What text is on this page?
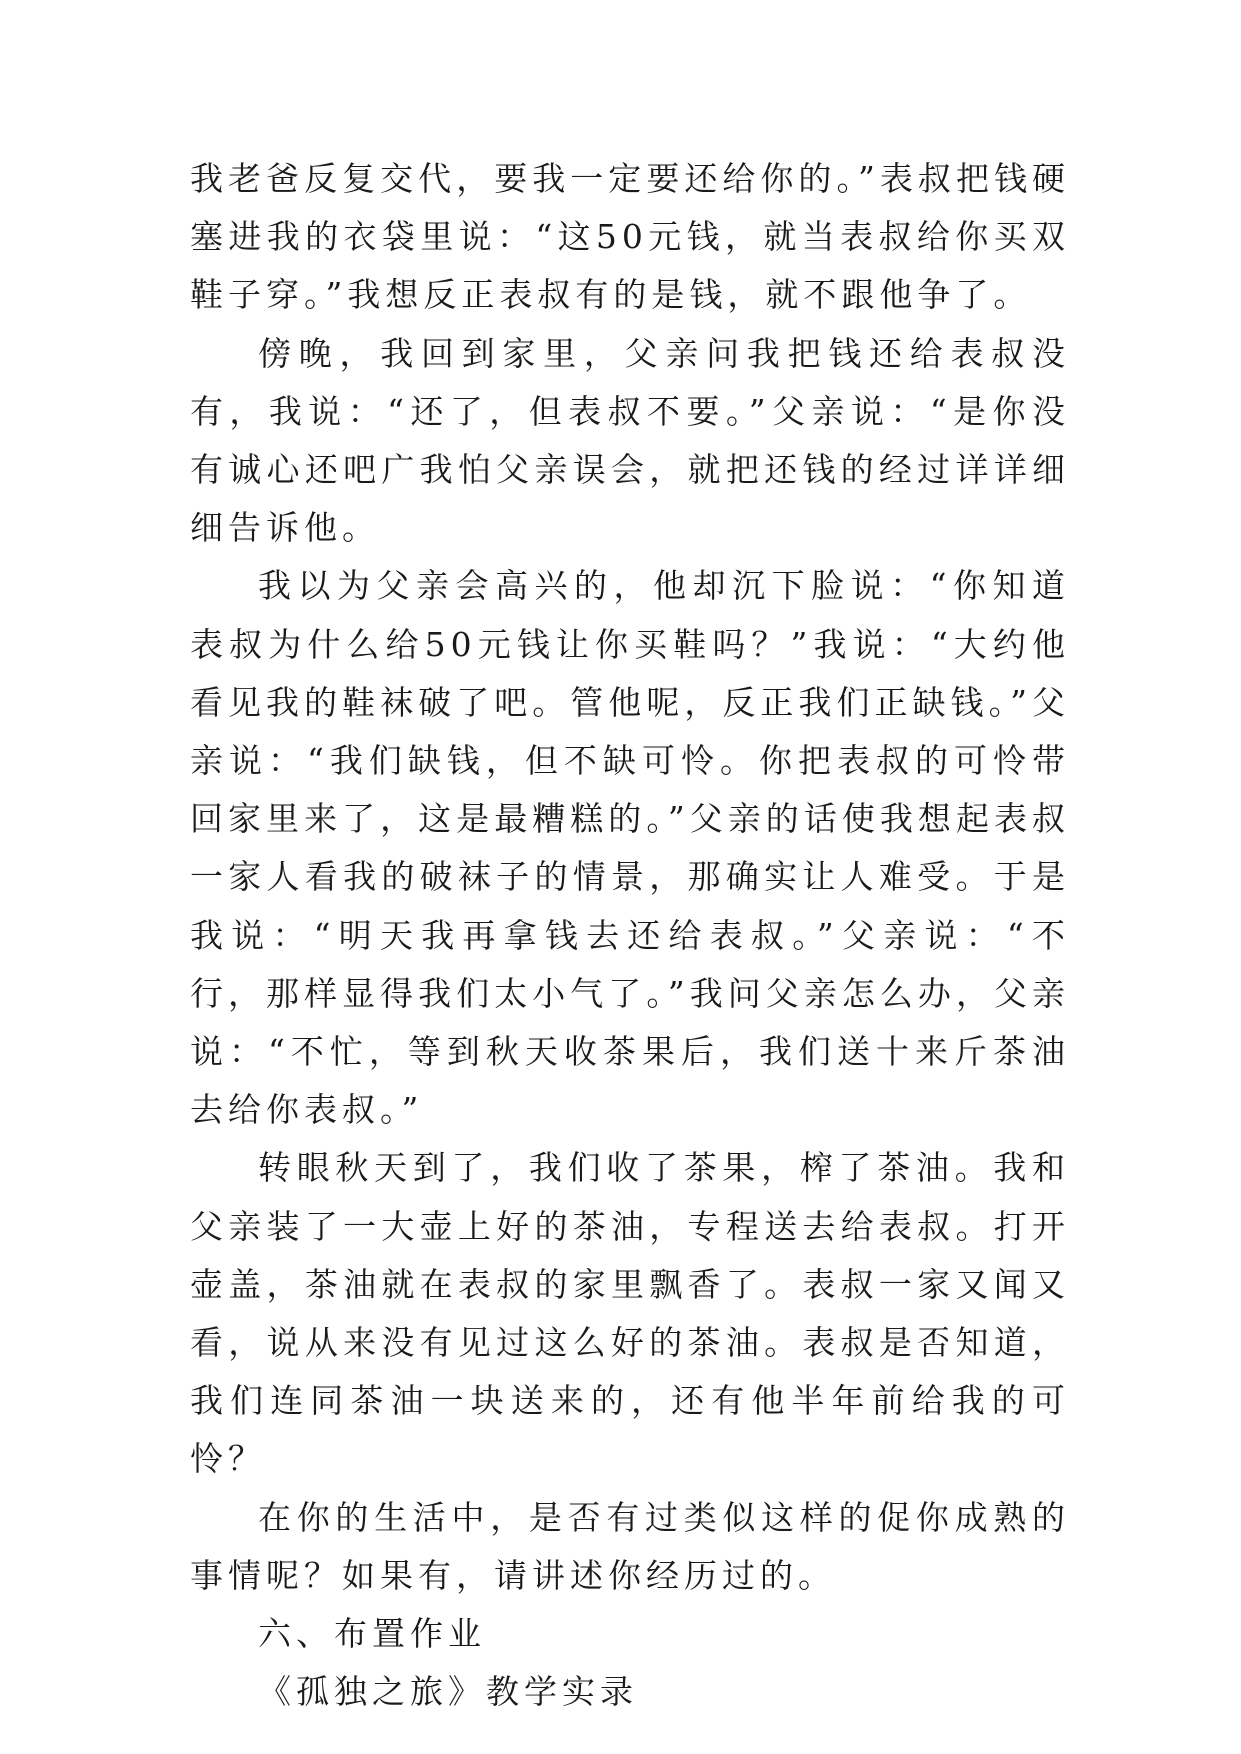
我老爸反复交代，要我一定要还给你的。”表叔把钱硬塞进我的衣袋里说：“这50元钱，就当表叔给你买双鞋子穿。”我想反正表叔有的是钱，就不跟他争了。

傍晚，我回到家里，父亲问我把钱还给表叔没有，我说：“还了，但表叔不要。”父亲说：“是你没有诚心还吧广我怕父亲误会，就把还钱的经过详详细细告诉他。

我以为父亲会高兴的，他却沉下脸说：“你知道表叔为什么给50元钱让你买鞋吗？”我说：“大约他看见我的鞋袜破了吧。管他呢，反正我们正缺钱。”父亲说：“我们缺钱，但不缺可怜。你把表叔的可怜带回家里来了，这是最糟糕的。”父亲的话使我想起表叔一家人看我的破袜子的情景，那确实让人难受。于是我说：“明天我再拿钱去还给表叔。”父亲说：“不行，那样显得我们太小气了。”我问父亲怎么办，父亲说：“不忙，等到秋天收茶果后，我们送十来斤茶油去给你表叔。”

转眼秋天到了，我们收了茶果，榨了茶油。我和父亲装了一大壶上好的茶油，专程送去给表叔。打开壶盖，茶油就在表叔的家里飘香了。表叔一家又闻又看，说从来没有见过这么好的茶油。表叔是否知道，我们连同茶油一块送来的，还有他半年前给我的可怜？

在你的生活中，是否有过类似这样的促你成熟的事情呢？如果有，请讲述你经历过的。

六、布置作业

《孤独之旅》教学实录
